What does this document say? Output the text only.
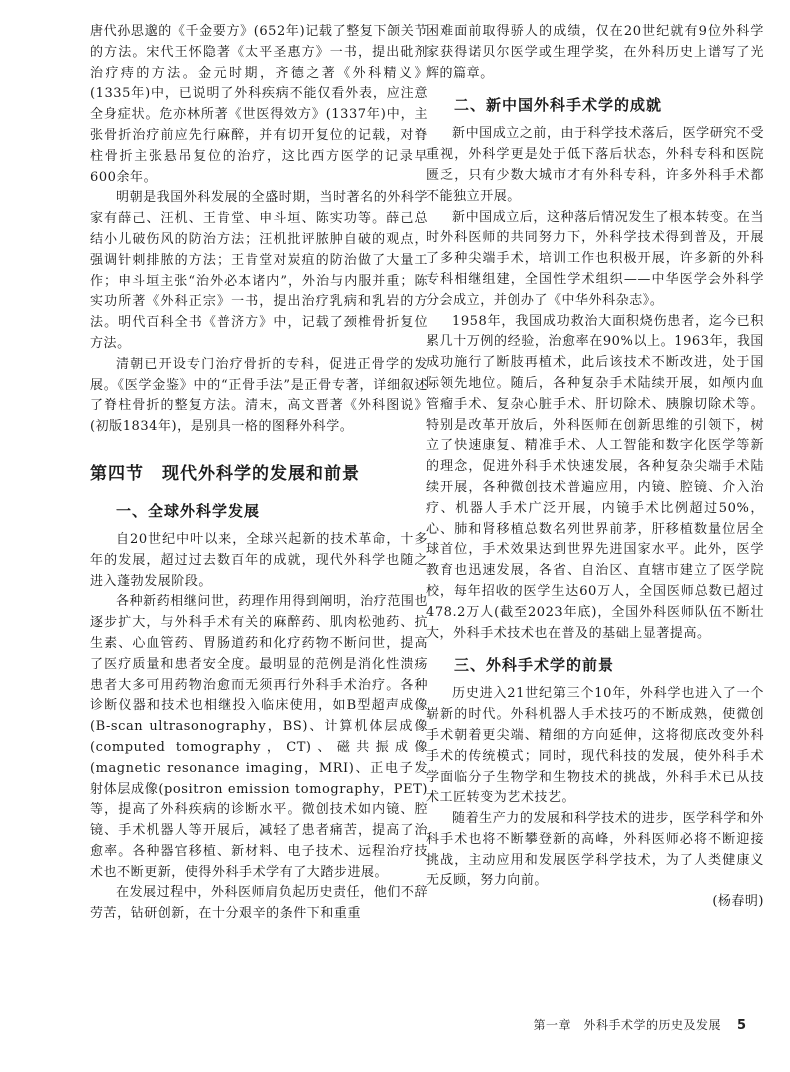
唐代孙思邈的《千金要方》(652年)记载了整复下颌关节的方法。宋代王怀隐著《太平圣惠方》一书，提出砒剂治疗痔的方法。金元时期，齐德之著《外科精义》(1335年)中，已说明了外科疾病不能仅看外表，应注意全身症状。危亦林所著《世医得效方》(1337年)中，主张骨折治疗前应先行麻醉，并有切开复位的记载，对脊柱骨折主张悬吊复位的治疗，这比西方医学的记录早600余年。

明朝是我国外科发展的全盛时期，当时著名的外科学家有薛己、汪机、王肯堂、申斗垣、陈实功等。薛己总结小儿破伤风的防治方法；汪机批评脓肿自破的观点，强调针刺排脓的方法；王肯堂对炭疽的防治做了大量工作；申斗垣主张“治外必本诸内”，外治与内服并重；陈实功所著《外科正宗》一书，提出治疗乳病和乳岩的方法。明代百科全书《普济方》中，记载了颈椎骨折复位方法。

清朝已开设专门治疗骨折的专科，促进正骨学的发展。《医学金鉴》中的“正骨手法”是正骨专著，详细叙述了脊柱骨折的整复方法。清末，高文晋著《外科图说》(初版1834年)，是别具一格的图释外科学。

第四节　现代外科学的发展和前景
一、全球外科学发展

自20世纪中叶以来，全球兴起新的技术革命，十多年的发展，超过过去数百年的成就，现代外科学也随之进入蓬勃发展阶段。

各种新药相继问世，药理作用得到阐明，治疗范围也逐步扩大，与外科手术有关的麻醉药、肌肉松弛药、抗生素、心血管药、胃肠道药和化疗药物不断问世，提高了医疗质量和患者安全度。最明显的范例是消化性溃疡患者大多可用药物治愈而无须再行外科手术治疗。各种诊断仪器和技术也相继投入临床使用，如B型超声成像(B-scan ultrasonography，BS)、计算机体层成像(computed tomography，CT)、磁共振成像(magnetic resonance imaging，MRI)、正电子发射体层成像(positron emission tomography，PET)等，提高了外科疾病的诊断水平。微创技术如内镜、腔镜、手术机器人等开展后，减轻了患者痛苦，提高了治愈率。各种器官移植、新材料、电子技术、远程治疗技术也不断更新，使得外科手术学有了大踏步进展。

在发展过程中，外科医师肩负起历史责任，他们不辞劳苦，钻研创新，在十分艰辛的条件下和重重

困难面前取得骄人的成绩，仅在20世纪就有9位外科学家获得诺贝尔医学或生理学奖，在外科历史上谱写了光辉的篇章。

二、新中国外科手术学的成就

新中国成立之前，由于科学技术落后，医学研究不受重视，外科学更是处于低下落后状态，外科专科和医院匮乏，只有少数大城市才有外科专科，许多外科手术都不能独立开展。

新中国成立后，这种落后情况发生了根本转变。在当时外科医师的共同努力下，外科学技术得到普及，开展了多种尖端手术，培训工作也积极开展，许多新的外科专科相继组建，全国性学术组织——中华医学会外科学分会成立，并创办了《中华外科杂志》。

1958年，我国成功救治大面积烧伤患者，迄今已积累几十万例的经验，治愈率在90%以上。1963年，我国成功施行了断肢再植术，此后该技术不断改进，处于国际领先地位。随后，各种复杂手术陆续开展，如颅内血管瘤手术、复杂心脏手术、肝切除术、胰腺切除术等。特别是改革开放后，外科医师在创新思维的引领下，树立了快速康复、精准手术、人工智能和数字化医学等新的理念，促进外科手术快速发展，各种复杂尖端手术陆续开展，各种微创技术普遍应用，内镜、腔镜、介入治疗、机器人手术广泛开展，内镜手术比例超过50%，心、肺和肾移植总数名列世界前茅，肝移植数量位居全球首位，手术效果达到世界先进国家水平。此外，医学教育也迅速发展，各省、自治区、直辖市建立了医学院校，每年招收的医学生达60万人，全国医师总数已超过478.2万人(截至2023年底)，全国外科医师队伍不断壮大，外科手术技术也在普及的基础上显著提高。

三、外科手术学的前景

历史进入21世纪第三个10年，外科学也进入了一个崭新的时代。外科机器人手术技巧的不断成熟，使微创手术朝着更尖端、精细的方向延伸，这将彻底改变外科手术的传统模式；同时，现代科技的发展，使外科手术学面临分子生物学和生物技术的挑战，外科手术已从技术工匠转变为艺术技艺。

随着生产力的发展和科学技术的进步，医学科学和外科手术也将不断攀登新的高峰，外科医师必将不断迎接挑战，主动应用和发展医学科学技术，为了人类健康义无反顾，努力向前。

(杨春明)
第一章　外科手术学的历史及发展 5
